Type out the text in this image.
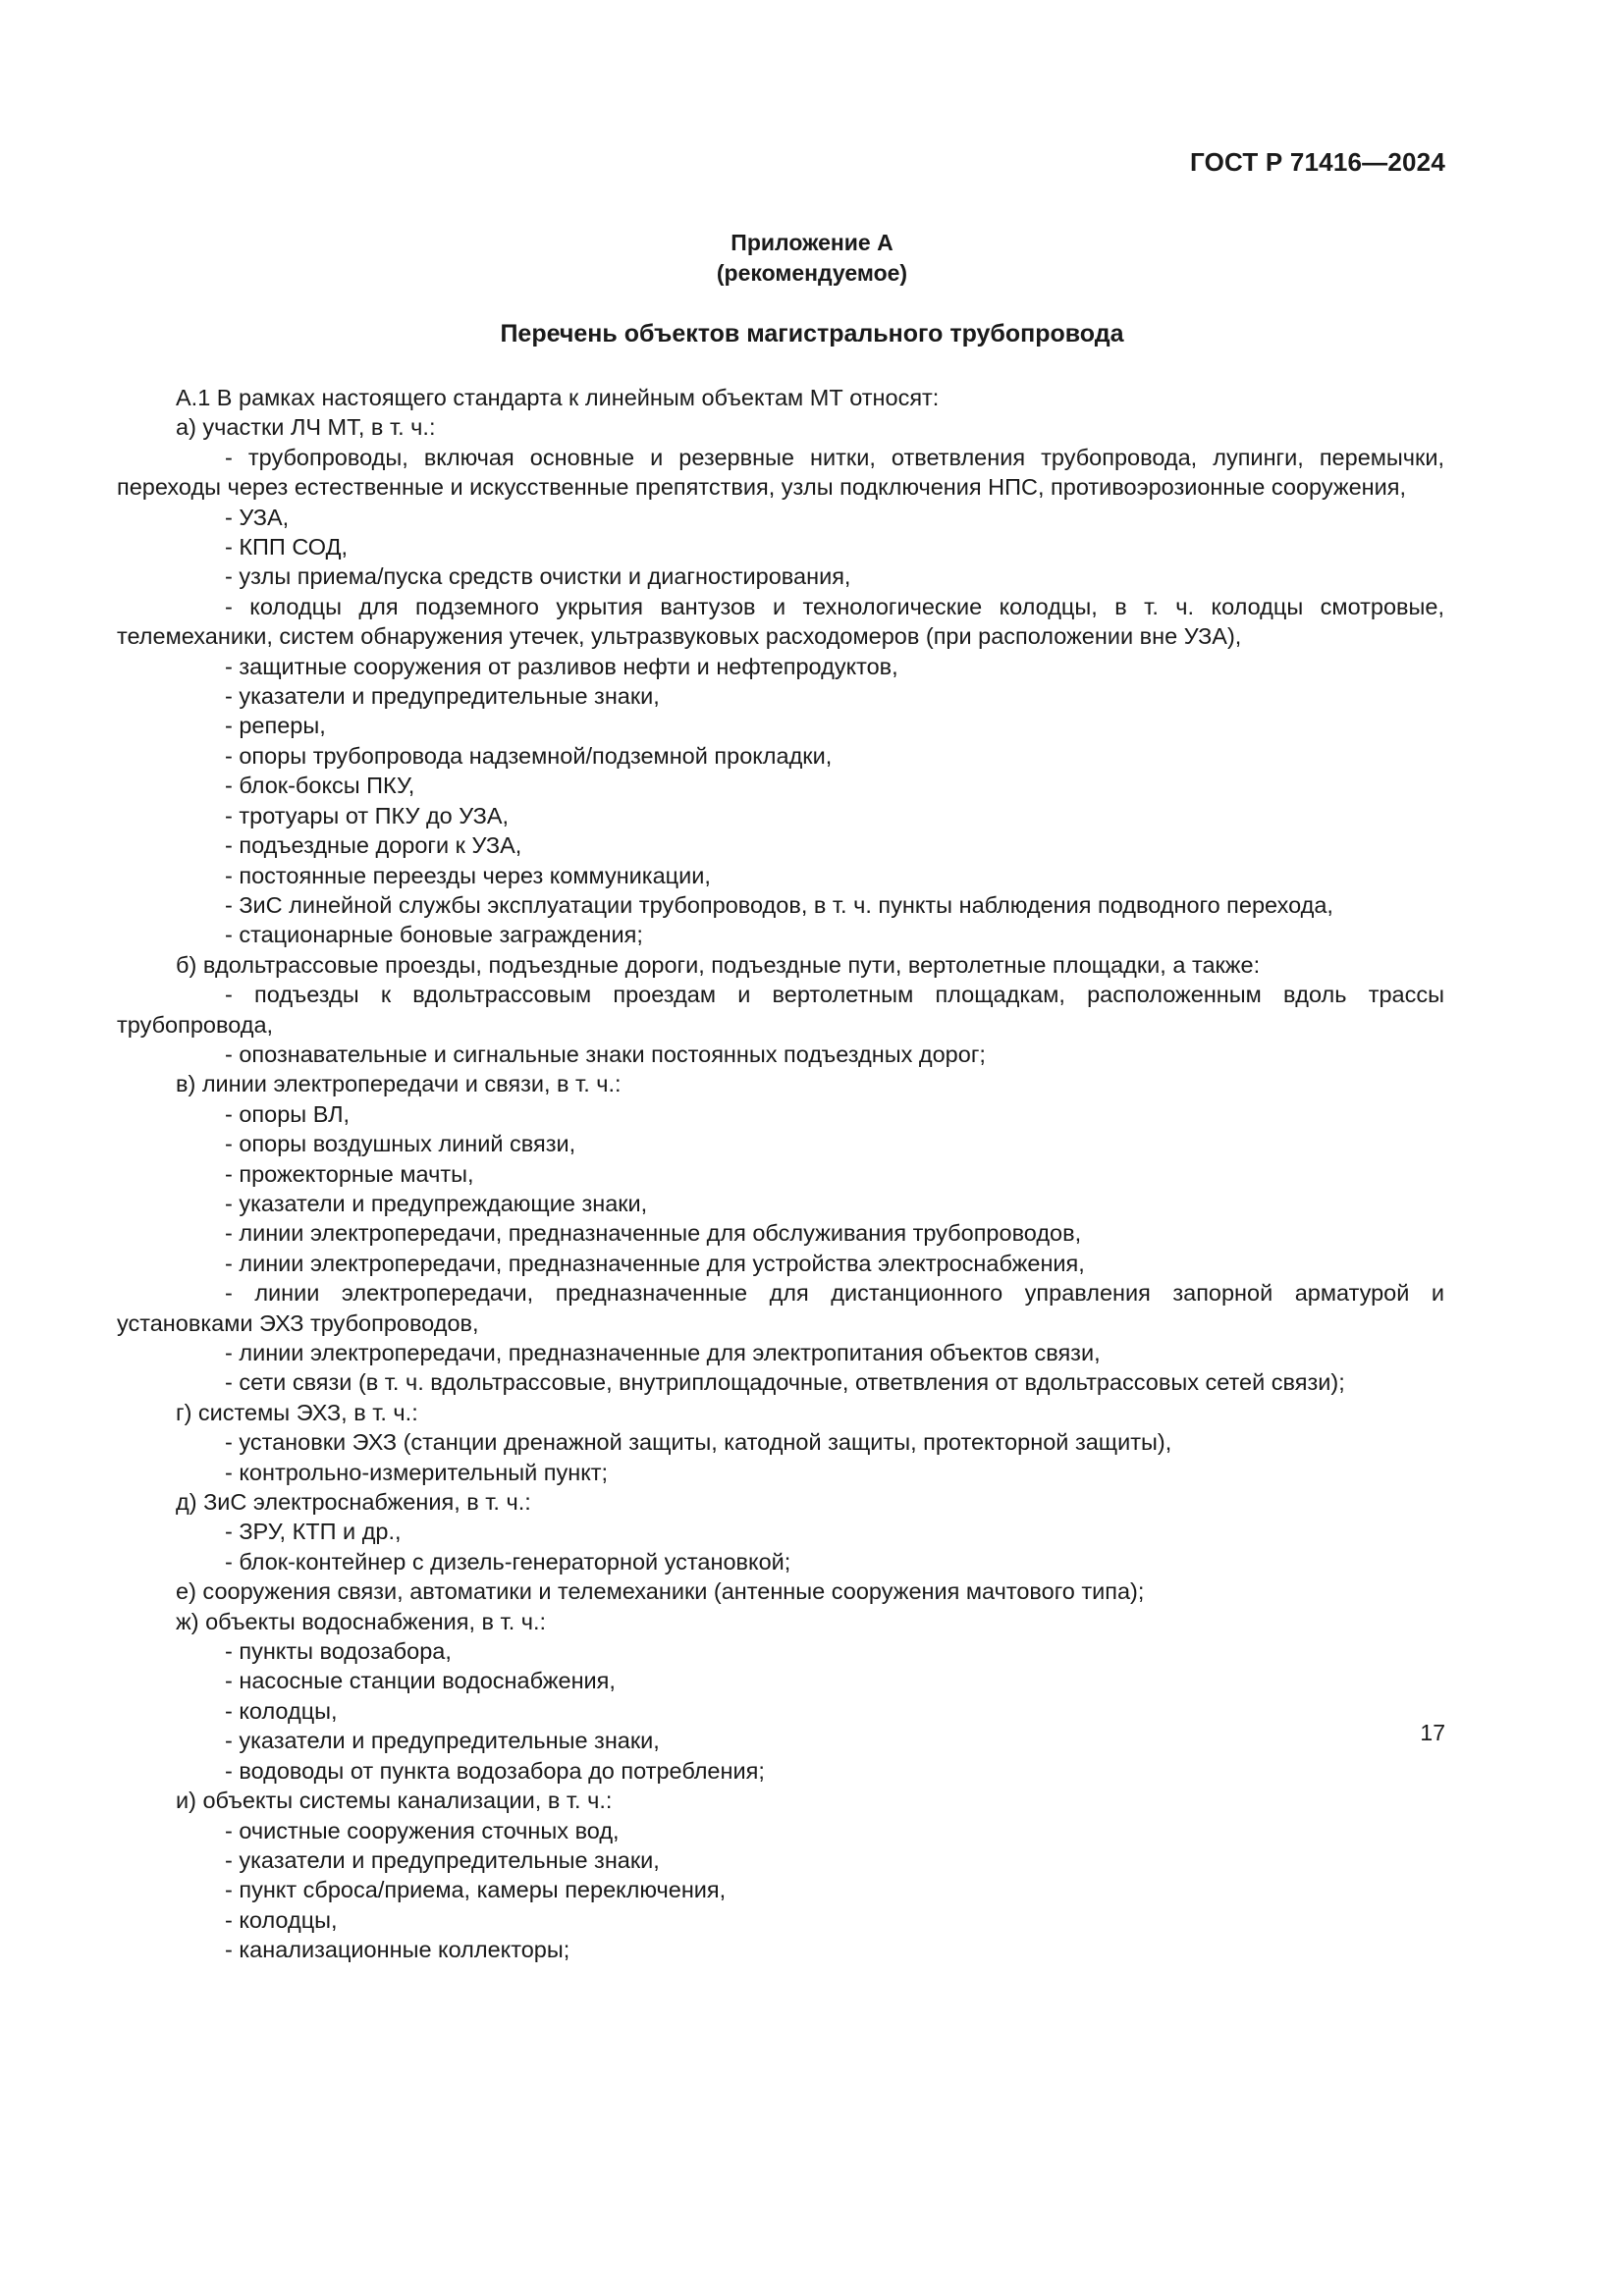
ГОСТ Р 71416—2024
Приложение А
(рекомендуемое)
Перечень объектов магистрального трубопровода

А.1 В рамках настоящего стандарта к линейным объектам МТ относят:

а) участки ЛЧ МТ, в т. ч.:

- трубопроводы, включая основные и резервные нитки, ответвления трубопровода, лупинги, перемычки, переходы через естественные и искусственные препятствия, узлы подключения НПС, противоэрозионные сооружения,

- УЗА,

- КПП СОД,

- узлы приема/пуска средств очистки и диагностирования,

- колодцы для подземного укрытия вантузов и технологические колодцы, в т. ч. колодцы смотровые, телемеханики, систем обнаружения утечек, ультразвуковых расходомеров (при расположении вне УЗА),

- защитные сооружения от разливов нефти и нефтепродуктов,

- указатели и предупредительные знаки,

- реперы,

- опоры трубопровода надземной/подземной прокладки,

- блок-боксы ПКУ,

- тротуары от ПКУ до УЗА,

- подъездные дороги к УЗА,

- постоянные переезды через коммуникации,

- ЗиС линейной службы эксплуатации трубопроводов, в т. ч. пункты наблюдения подводного перехода,

- стационарные боновые заграждения;

б) вдольтрассовые проезды, подъездные дороги, подъездные пути, вертолетные площадки, а также:

- подъезды к вдольтрассовым проездам и вертолетным площадкам, расположенным вдоль трассы трубопровода,

- опознавательные и сигнальные знаки постоянных подъездных дорог;

в) линии электропередачи и связи, в т. ч.:

- опоры ВЛ,

- опоры воздушных линий связи,

- прожекторные мачты,

- указатели и предупреждающие знаки,

- линии электропередачи, предназначенные для обслуживания трубопроводов,

- линии электропередачи, предназначенные для устройства электроснабжения,

- линии электропередачи, предназначенные для дистанционного управления запорной арматурой и установками ЭХЗ трубопроводов,

- линии электропередачи, предназначенные для электропитания объектов связи,

- сети связи (в т. ч. вдольтрассовые, внутриплощадочные, ответвления от вдольтрассовых сетей связи);

г) системы ЭХЗ, в т. ч.:

- установки ЭХЗ (станции дренажной защиты, катодной защиты, протекторной защиты),

- контрольно-измерительный пункт;

д) ЗиС электроснабжения, в т. ч.:

- ЗРУ, КТП и др.,

- блок-контейнер с дизель-генераторной установкой;

е) сооружения связи, автоматики и телемеханики (антенные сооружения мачтового типа);

ж) объекты водоснабжения, в т. ч.:

- пункты водозабора,

- насосные станции водоснабжения,

- колодцы,

- указатели и предупредительные знаки,

- водоводы от пункта водозабора до потребления;

и) объекты системы канализации, в т. ч.:

- очистные сооружения сточных вод,

- указатели и предупредительные знаки,

- пункт сброса/приема, камеры переключения,

- колодцы,

- канализационные коллекторы;

17
